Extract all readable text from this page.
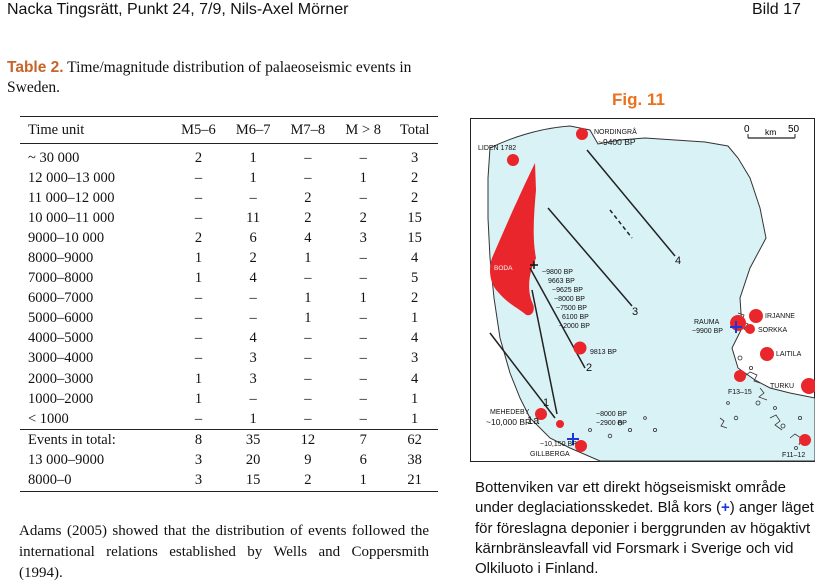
Nacka Tingsrätt, Punkt 24, 7/9, Nils-Axel Mörner	Bild 17
Table 2. Time/magnitude distribution of palaeoseismic events in Sweden.
Time unit	M5–6	M6–7	M7–8	M > 8	Total
~ 30 000	2	1	–	–	3
12 000–13 000	–	1	–	1	2
11 000–12 000	–	–	2	–	2
10 000–11 000	–	11	2	2	15
9000–10 000	2	6	4	3	15
8000–9000	1	2	1	–	4
7000–8000	1	4	–	–	5
6000–7000	–	–	1	1	2
5000–6000	–	–	1	–	1
4000–5000	–	4	–	–	4
3000–4000	–	3	–	–	3
2000–3000	1	3	–	–	4
1000–2000	1	–	–	–	1
< 1000	–	1	–	–	1
Events in total:	8	35	12	7	62
13 000–9000	3	20	9	6	38
8000–0	3	15	2	1	21
Adams (2005) showed that the distribution of events followed the international relations established by Wells and Coppersmith (1994).
Fig. 11
0 km 50
NORDINGRÅ
~9400 BP
LIDEN 1782
BODA
~9800 BP
9663 BP
~9625 BP
~8000 BP
~7500 BP
6100 BP
~2000 BP
9813 BP
RAUMA
~9900 BP
IRJANNE
SORKKA
LAITILA
TURKU
F13–15
F11–12
MEHEDEBY
~10,000 BP
~10,150 BP
GILLBERGA
~8000 BP
~2900 BP
1
1a
2
3
4
Bottenviken var ett direkt högseismiskt område under deglaciationsskedet. Blå kors (+) anger läget för föreslagna deponier i berggrunden av högaktivt kärnbränsleavfall vid Forsmark i Sverige och vid Olkiluoto i Finland.
